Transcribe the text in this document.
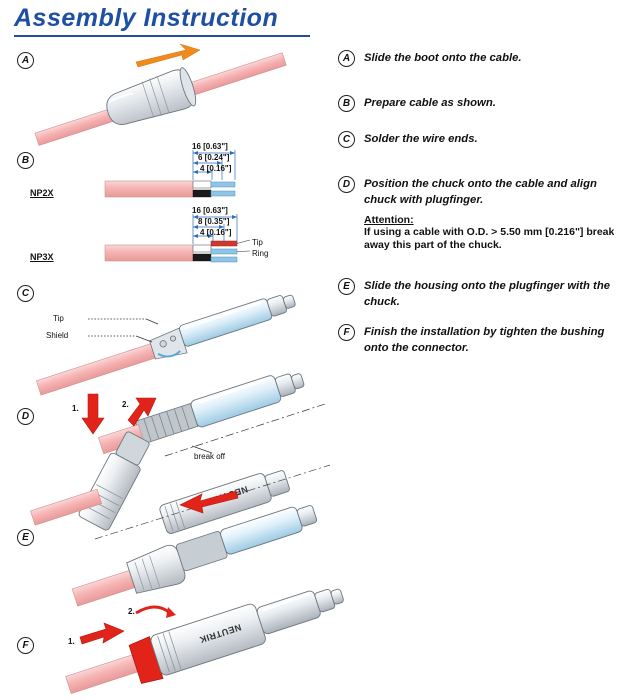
Assembly Instruction
A	Slide the boot onto the cable.
B	Prepare cable as shown.
C	Solder the wire ends.
D	Position the chuck onto the cable and align chuck with plugfinger.
Attention:
If using a cable with O.D. > 5.50 mm [0.216"] break away this part of the chuck.
E	Slide the housing onto the plugfinger with the chuck.
F	Finish the installation by tighten the bushing onto the connector.
A
B
C
D
E
F
NP2X
NP3X
16 [0.63"]
6 [0.24"]
4 [0.16"]
16 [0.63"]
8 [0.35"]
4 [0.16"]
Tip
Ring
Tip
Shield
1.	2.
break off
NEUTRIK
1.
2.
